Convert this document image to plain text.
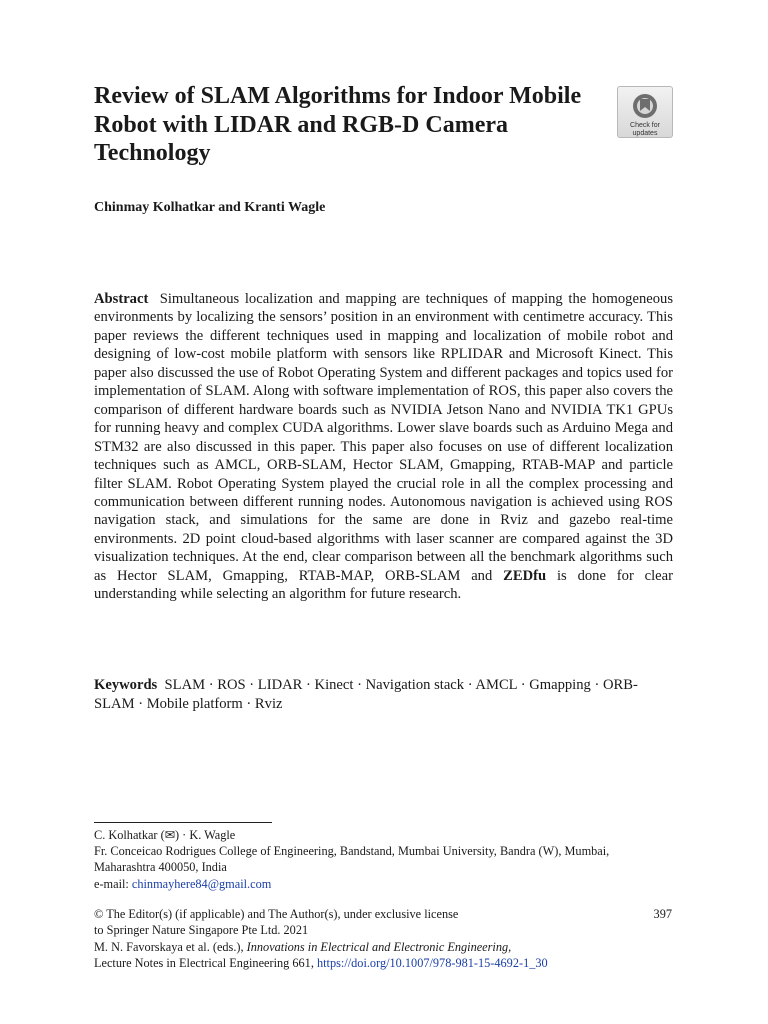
Review of SLAM Algorithms for Indoor Mobile Robot with LIDAR and RGB-D Camera Technology
Check for
updates
Chinmay Kolhatkar and Kranti Wagle

Abstract Simultaneous localization and mapping are techniques of mapping the homogeneous environments by localizing the sensors’ position in an environment with centimetre accuracy. This paper reviews the different techniques used in mapping and localization of mobile robot and designing of low-cost mobile platform with sensors like RPLIDAR and Microsoft Kinect. This paper also discussed the use of Robot Operating System and different packages and topics used for implementation of SLAM. Along with software implementation of ROS, this paper also covers the comparison of different hardware boards such as NVIDIA Jetson Nano and NVIDIA TK1 GPUs for running heavy and complex CUDA algorithms. Lower slave boards such as Arduino Mega and STM32 are also discussed in this paper. This paper also focuses on use of different localization techniques such as AMCL, ORB-SLAM, Hector SLAM, Gmapping, RTAB-MAP and particle filter SLAM. Robot Operating System played the crucial role in all the complex processing and communication between different running nodes. Autonomous navigation is achieved using ROS navigation stack, and simulations for the same are done in Rviz and gazebo real-time environments. 2D point cloud-based algorithms with laser scanner are compared against the 3D visualization techniques. At the end, clear comparison between all the benchmark algorithms such as Hector SLAM, Gmapping, RTAB-MAP, ORB-SLAM and ZEDfu is done for clear understanding while selecting an algorithm for future research.

Keywords SLAM · ROS · LIDAR · Kinect · Navigation stack · AMCL · Gmapping · ORB-SLAM · Mobile platform · Rviz

C. Kolhatkar (✉) · K. Wagle
Fr. Conceicao Rodrigues College of Engineering, Bandstand, Mumbai University, Bandra (W), Mumbai, Maharashtra 400050, India
e-mail: chinmayhere84@gmail.com
© The Editor(s) (if applicable) and The Author(s), under exclusive license
to Springer Nature Singapore Pte Ltd. 2021
M. N. Favorskaya et al. (eds.), Innovations in Electrical and Electronic Engineering,
Lecture Notes in Electrical Engineering 661, https://doi.org/10.1007/978-981-15-4692-1_30
397
